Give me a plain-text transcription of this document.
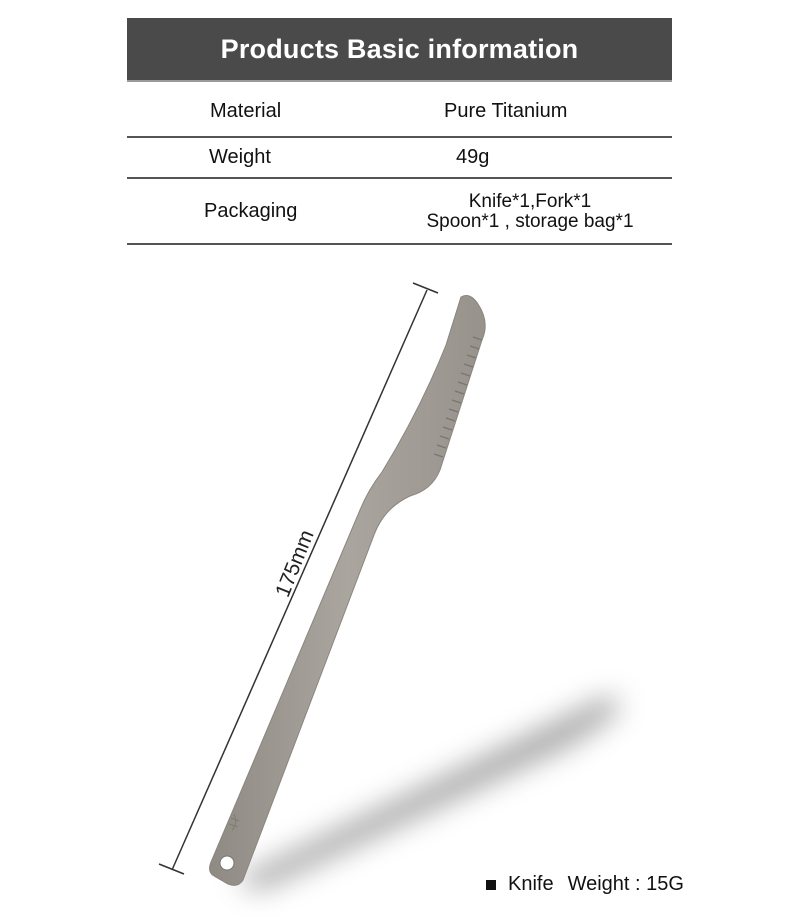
Products Basic information
Material	Pure Titanium
Weight	49g
Packaging	Knife*1,Fork*1
Spoon*1 , storage bag*1
175mm
Knife Weight : 15G
